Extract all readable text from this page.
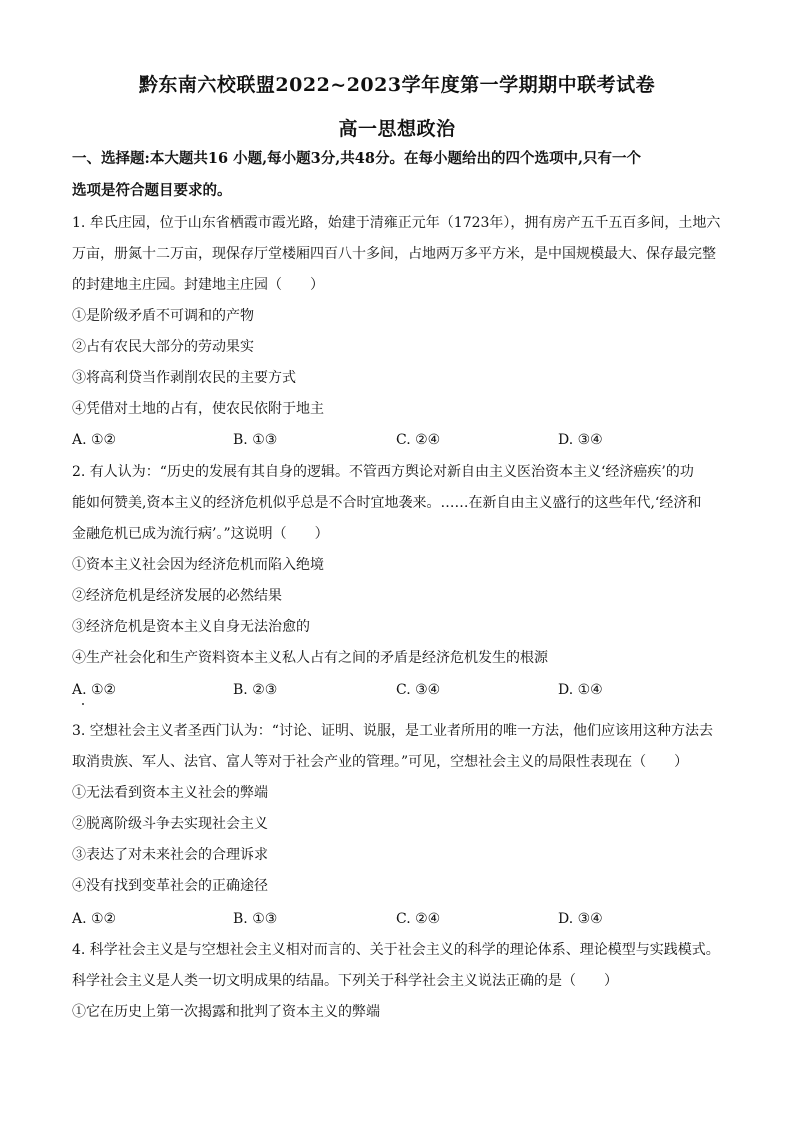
黔东南六校联盟2022~2023学年度第一学期期中联考试卷
高一思想政治
一、选择题:本大题共16 小题,每小题3分,共48分。在每小题给出的四个选项中,只有一个
选项是符合题目要求的。
1. 牟氏庄园，位于山东省栖霞市霞光路，始建于清雍正元年（1723年），拥有房产五千五百多间，土地六
万亩，册氮十二万亩，现保存厅堂楼厢四百八十多间，占地两万多平方米，是中国规模最大、保存最完整
的封建地主庄园。封建地主庄园（　　）
①是阶级矛盾不可调和的产物
②占有农民大部分的劳动果实
③将高利贷当作剥削农民的主要方式
④凭借对土地的占有，使农民依附于地主
A. ①②	B. ①③	C. ②④	D. ③④
2. 有人认为：“历史的发展有其自身的逻辑。不管西方舆论对新自由主义医治资本主义‘经济癌疾’的功
能如何赞美,资本主义的经济危机似乎总是不合时宜地袭来。……在新自由主义盛行的这些年代,‘经济和
金融危机已成为流行病’。”这说明（　　）
①资本主义社会因为经济危机而陷入绝境
②经济危机是经济发展的必然结果
③经济危机是资本主义自身无法治愈的
④生产社会化和生产资料资本主义私人占有之间的矛盾是经济危机发生的根源
A. ①②	B. ②③	C. ③④	D. ①④
3. 空想社会主义者圣西门认为：“讨论、证明、说服，是工业者所用的唯一方法，他们应该用这种方法去
取消贵族、军人、法官、富人等对于社会产业的管理。”可见，空想社会主义的局限性表现在（　　）
①无法看到资本主义社会的弊端
②脱离阶级斗争去实现社会主义
③表达了对未来社会的合理诉求
④没有找到变革社会的正确途径
A. ①②	B. ①③	C. ②④	D. ③④
4. 科学社会主义是与空想社会主义相对而言的、关于社会主义的科学的理论体系、理论模型与实践模式。
科学社会主义是人类一切文明成果的结晶。下列关于科学社会主义说法正确的是（　　）
①它在历史上第一次揭露和批判了资本主义的弊端
